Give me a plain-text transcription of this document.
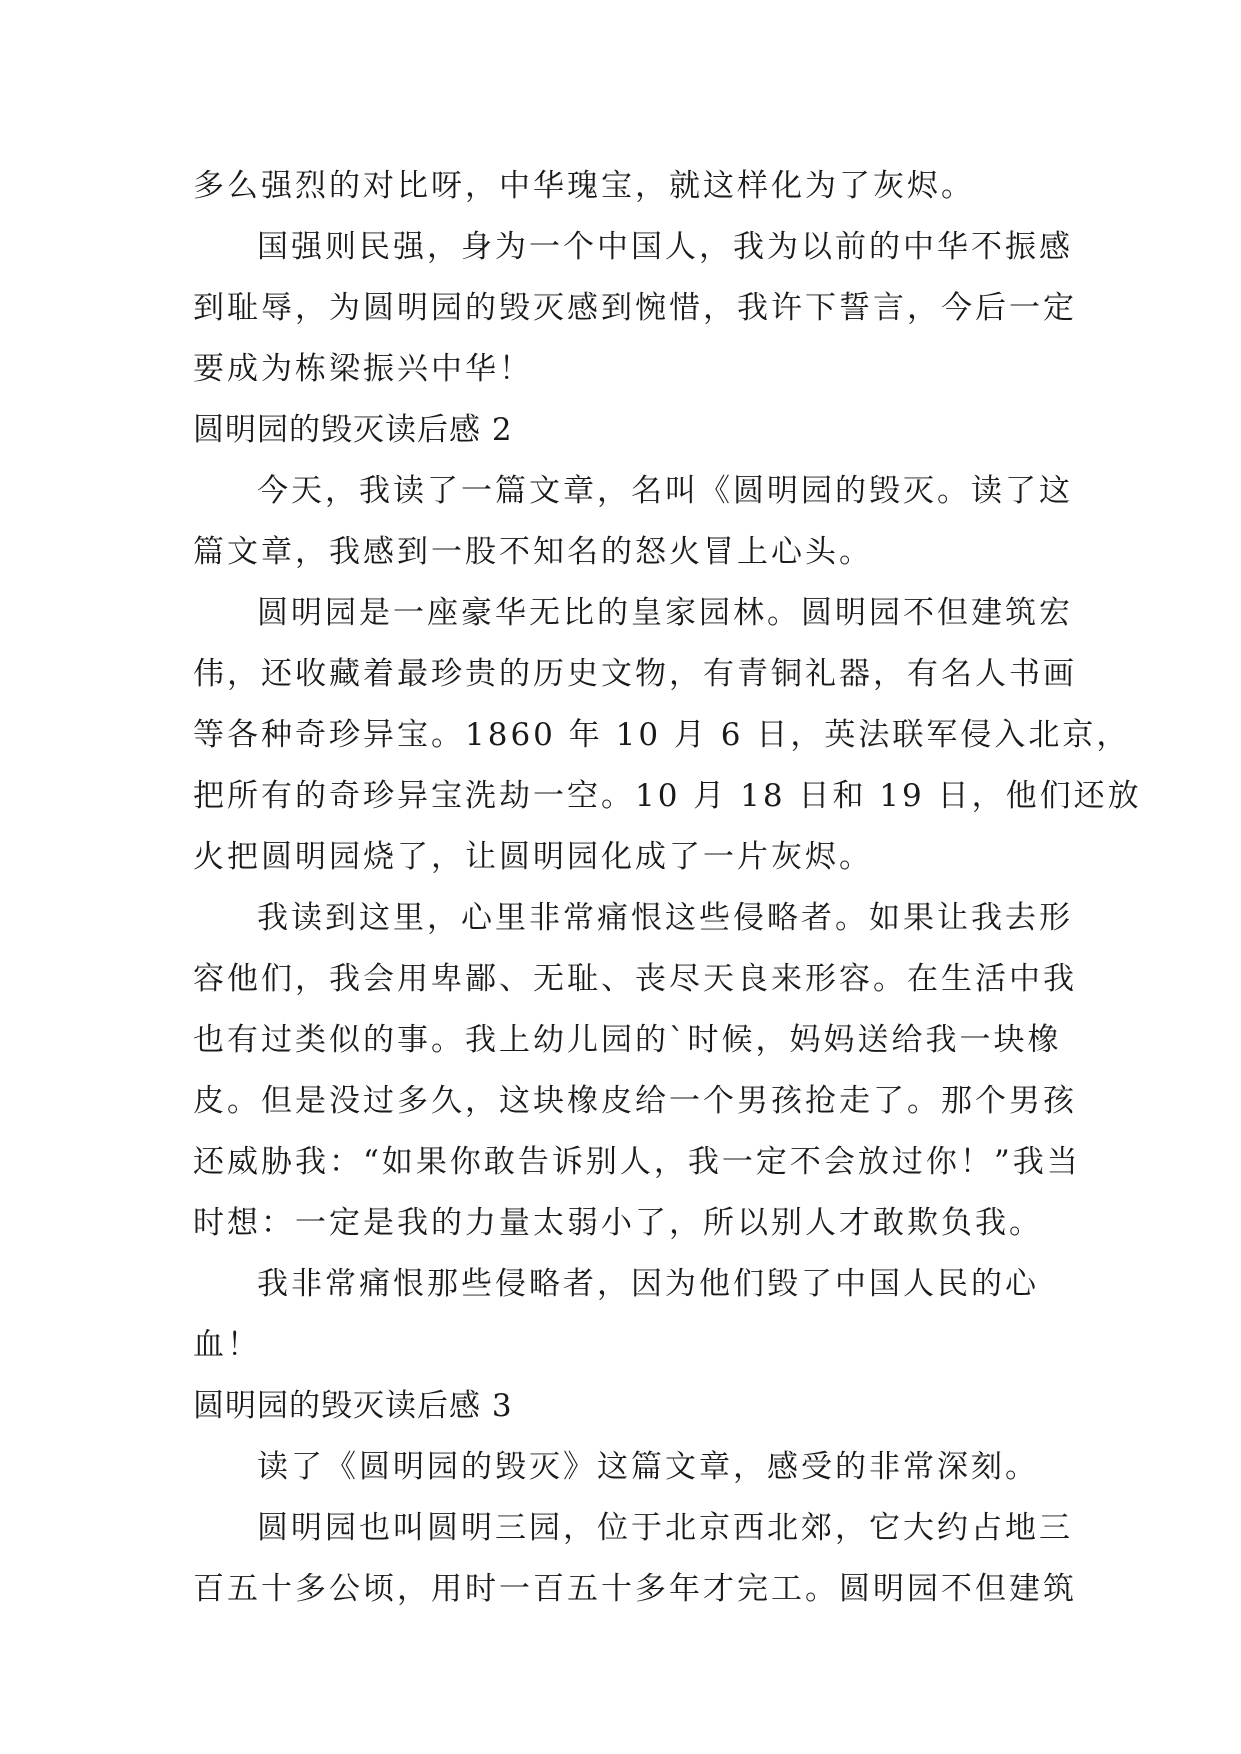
多么强烈的对比呀，中华瑰宝，就这样化为了灰烬。
国强则民强，身为一个中国人，我为以前的中华不振感
到耻辱，为圆明园的毁灭感到惋惜，我许下誓言，今后一定
要成为栋梁振兴中华！
圆明园的毁灭读后感 2
今天，我读了一篇文章，名叫《圆明园的毁灭。读了这
篇文章，我感到一股不知名的怒火冒上心头。
圆明园是一座豪华无比的皇家园林。圆明园不但建筑宏
伟，还收藏着最珍贵的历史文物，有青铜礼器，有名人书画
等各种奇珍异宝。1860 年 10 月 6 日，英法联军侵入北京，
把所有的奇珍异宝洗劫一空。10 月 18 日和 19 日，他们还放
火把圆明园烧了，让圆明园化成了一片灰烬。
我读到这里，心里非常痛恨这些侵略者。如果让我去形
容他们，我会用卑鄙、无耻、丧尽天良来形容。在生活中我
也有过类似的事。我上幼儿园的`时候，妈妈送给我一块橡
皮。但是没过多久，这块橡皮给一个男孩抢走了。那个男孩
还威胁我：“如果你敢告诉别人，我一定不会放过你！”我当
时想：一定是我的力量太弱小了，所以别人才敢欺负我。
我非常痛恨那些侵略者，因为他们毁了中国人民的心
血！
圆明园的毁灭读后感 3
读了《圆明园的毁灭》这篇文章，感受的非常深刻。
圆明园也叫圆明三园，位于北京西北郊，它大约占地三
百五十多公顷，用时一百五十多年才完工。圆明园不但建筑
